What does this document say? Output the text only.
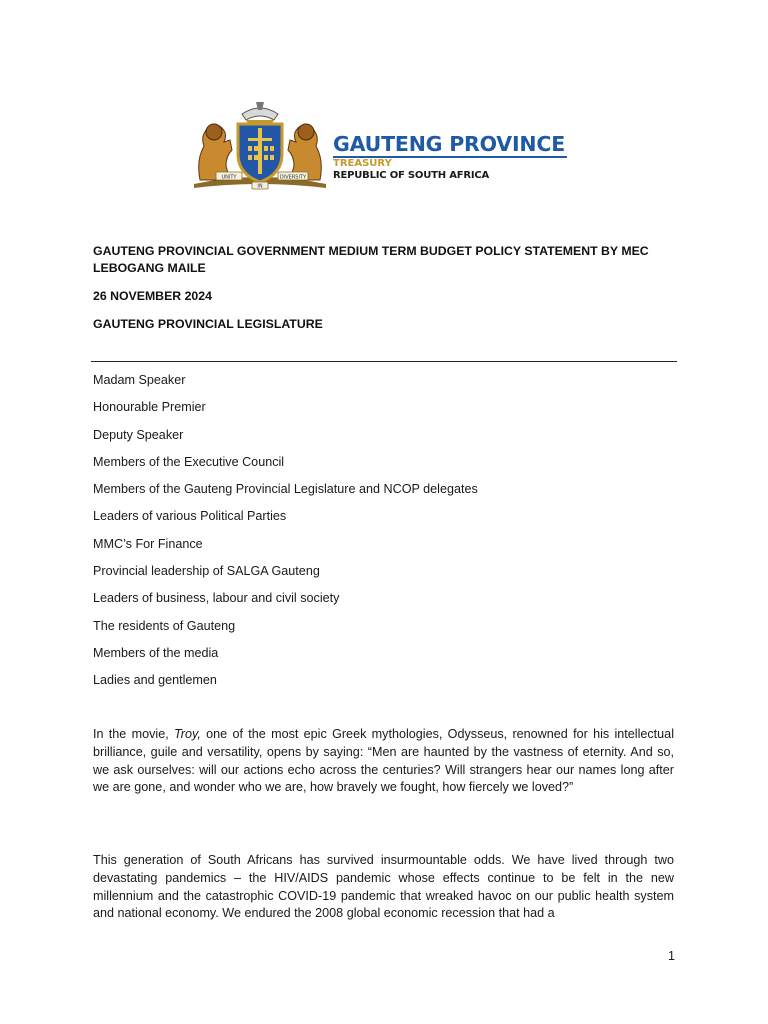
UNITY	DIVERSITY
IN
GAUTENG PROVINCE
TREASURY
REPUBLIC OF SOUTH AFRICA
GAUTENG PROVINCIAL GOVERNMENT MEDIUM TERM BUDGET POLICY STATEMENT BY MEC
LEBOGANG MAILE
26 NOVEMBER 2024
GAUTENG PROVINCIAL LEGISLATURE
Madam Speaker
Honourable Premier
Deputy Speaker
Members of the Executive Council
Members of the Gauteng Provincial Legislature and NCOP delegates
Leaders of various Political Parties
MMC’s For Finance
Provincial leadership of SALGA Gauteng
Leaders of business, labour and civil society
The residents of Gauteng
Members of the media
Ladies and gentlemen

In the movie, Troy, one of the most epic Greek mythologies, Odysseus, renowned for his intellectual brilliance, guile and versatility, opens by saying: “Men are haunted by the vastness of eternity. And so, we ask ourselves: will our actions echo across the centuries? Will strangers hear our names long after we are gone, and wonder who we are, how bravely we fought, how fiercely we loved?”

This generation of South Africans has survived insurmountable odds. We have lived through two devastating pandemics – the HIV/AIDS pandemic whose effects continue to be felt in the new millennium and the catastrophic COVID-19 pandemic that wreaked havoc on our public health system and national economy. We endured the 2008 global economic recession that had a

1
